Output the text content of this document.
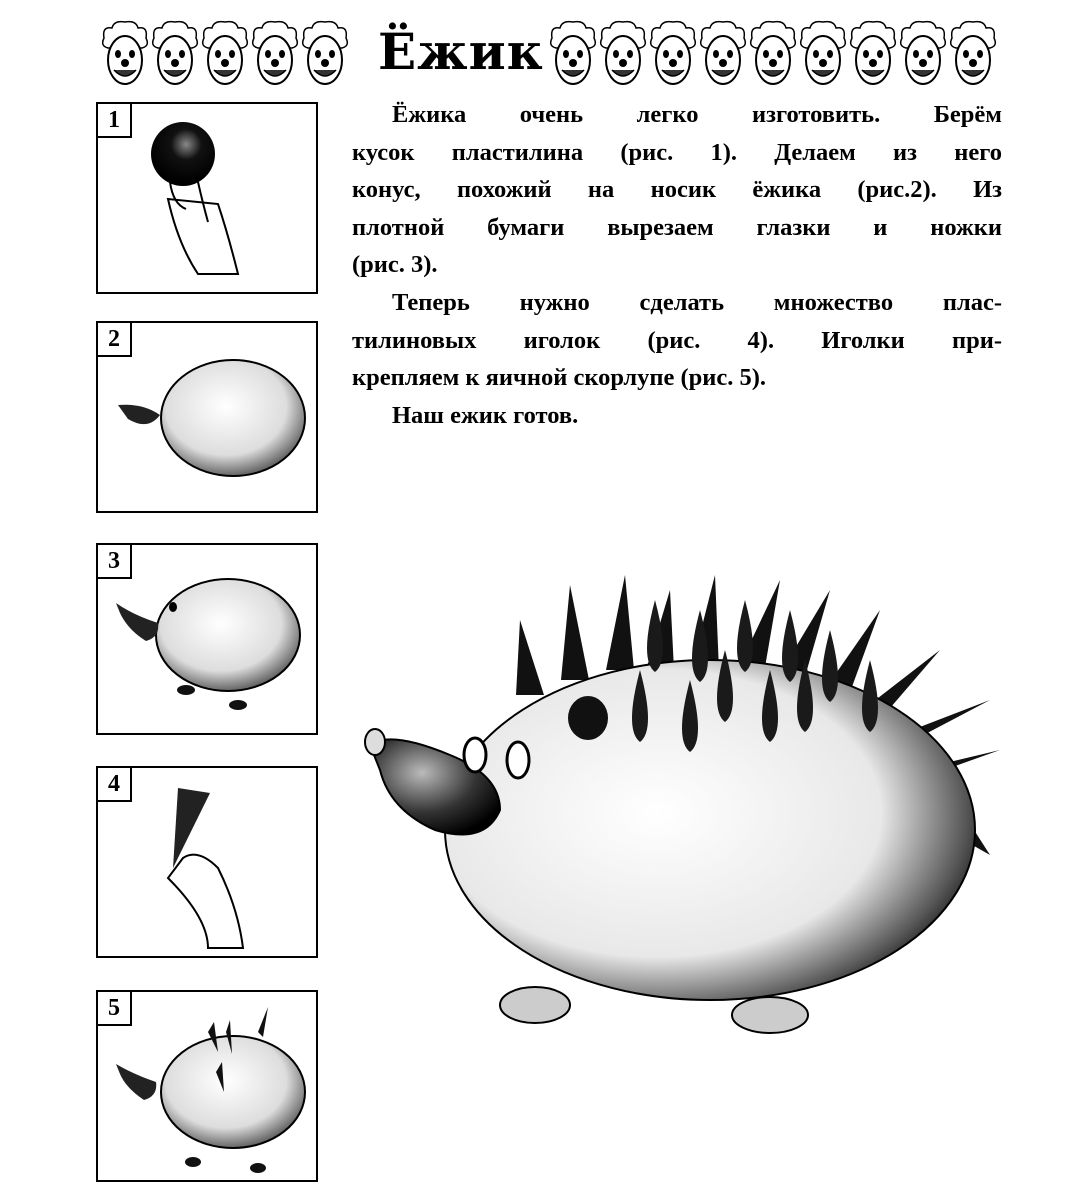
Ёжик
Ёжика очень легко изготовить. Берём
кусок пластилина (рис. 1). Делаем из него
конус, похожий на носик ёжика (рис.2). Из
плотной бумаги вырезаем глазки и ножки
(рис. 3).
Теперь нужно сделать множество плас-
тилиновых иголок (рис. 4). Иголки при-
крепляем к яичной скорлупе (рис. 5).
Наш ежик готов.
1
2
3
4
5
